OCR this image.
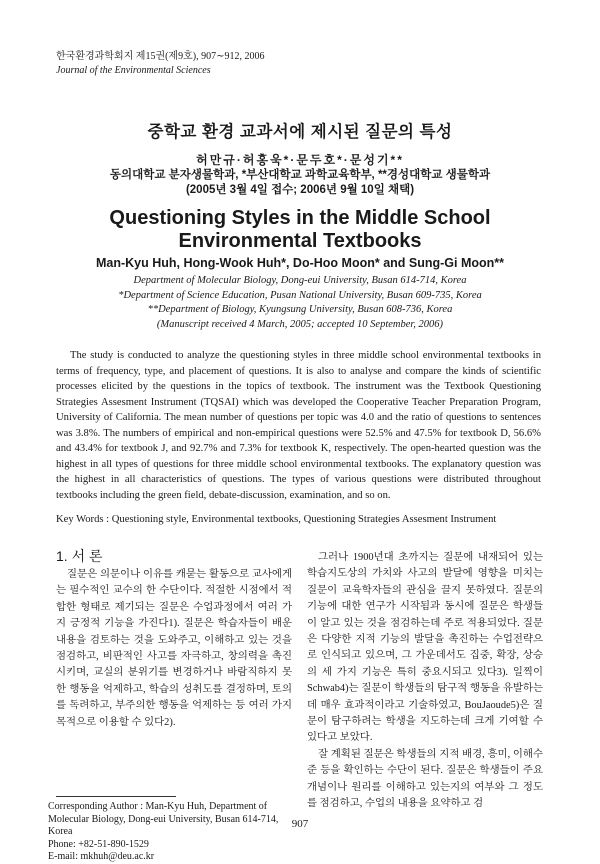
한국환경과학회지 제15권(제9호), 907∼912, 2006
Journal of the Environmental Sciences
중학교 환경 교과서에 제시된 질문의 특성
허만규·허홍욱*·문두호*·문성기**
동의대학교 분자생물학과, *부산대학교 과학교육학부, **경성대학교 생물학과
(2005년 3월 4일 접수; 2006년 9월 10일 채택)
Questioning Styles in the Middle School
Environmental Textbooks
Man-Kyu Huh, Hong-Wook Huh*, Do-Hoo Moon* and Sung-Gi Moon**
Department of Molecular Biology, Dong-eui University, Busan 614-714, Korea
*Department of Science Education, Pusan National University, Busan 609-735, Korea
**Department of Biology, Kyungsung University, Busan 608-736, Korea
(Manuscript received 4 March, 2005; accepted 10 September, 2006)

The study is conducted to analyze the questioning styles in three middle school environmental textbooks in terms of frequency, type, and placement of questions. It is also to analyse and compare the kinds of scientific processes elicited by the questions in the topics of textbook. The instrument was the Textbook Questioning Strategies Assesment Instrument (TQSAI) which was developed the Cooperative Teacher Preparation Program, University of California. The mean number of questions per topic was 4.0 and the ratio of questions to sentences was 3.8%. The numbers of empirical and non-empirical questions were 52.5% and 47.5% for textbook D, 56.6% and 43.4% for textbook J, and 92.7% and 7.3% for textbook K, respectively. The open-hearted question was the highest in all types of questions for three middle school environmental textbooks. The explanatory question was the highest in all characteristics of questions. The types of various questions were distributed throughout textbooks including the green field, debate-discussion, examination, and so on.

Key Words : Questioning style, Environmental textbooks, Questioning Strategies Assesment Instrument
1. 서 론

질문은 의문이나 이유를 캐묻는 활동으로 교사에게는 필수적인 교수의 한 수단이다. 적절한 시점에서 적합한 형태로 제기되는 질문은 수업과정에서 여러 가지 긍정적 기능을 가진다1). 질문은 학습자들이 배운 내용을 검토하는 것을 도와주고, 이해하고 있는 것을 점검하고, 비판적인 사고를 자극하고, 창의력을 촉진시키며, 교실의 분위기를 변경하거나 바람직하지 못한 행동을 억제하고, 학습의 성취도를 결정하며, 토의를 독려하고, 부주의한 행동을 억제하는 등 여러 가지 목적으로 이용할 수 있다2).

그러나 1900년대 초까지는 질문에 내재되어 있는 학습지도상의 가치와 사고의 발달에 영향을 미치는 질문이 교육학자들의 관심을 끌지 못하였다. 질문의 기능에 대한 연구가 시작됨과 동시에 질문은 학생들이 알고 있는 것을 점검하는데 주로 적용되었다. 질문은 다양한 지적 기능의 발달을 촉진하는 수업전략으로 인식되고 있으며, 그 가운데서도 집중, 확장, 상승의 세 가지 기능은 특히 중요시되고 있다3). 일찍이 Schwab4)는 질문이 학생들의 탐구적 행동을 유발하는데 매우 효과적이라고 기술하였고, BouJaoude5)은 질문이 탐구하려는 학생을 지도하는데 크게 기여할 수 있다고 보았다.

잘 계획된 질문은 학생들의 지적 배경, 흥미, 이해수준 등을 확인하는 수단이 된다. 질문은 학생들이 주요 개념이나 원리를 이해하고 있는지의 여부와 그 정도를 점검하고, 수업의 내용을 요약하고 검

Corresponding Author : Man-Kyu Huh, Department of
Molecular Biology, Dong-eui University, Busan 614-714,
Korea
Phone: +82-51-890-1529
E-mail: mkhuh@deu.ac.kr
907
